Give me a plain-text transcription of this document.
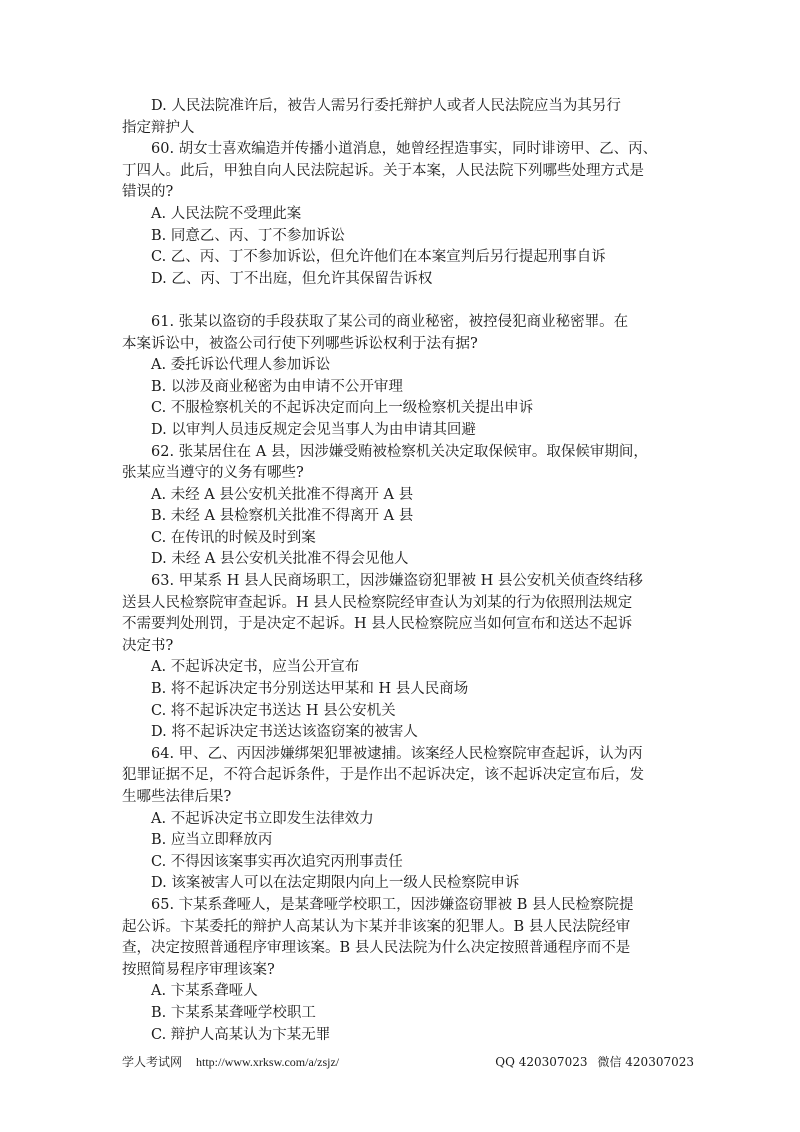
D. 人民法院准许后，被告人需另行委托辩护人或者人民法院应当为其另行
指定辩护人
60. 胡女士喜欢编造并传播小道消息，她曾经捏造事实，同时诽谤甲、乙、丙、
丁四人。此后，甲独自向人民法院起诉。关于本案，人民法院下列哪些处理方式是
错误的?
A. 人民法院不受理此案
B. 同意乙、丙、丁不参加诉讼
C. 乙、丙、丁不参加诉讼，但允许他们在本案宣判后另行提起刑事自诉
D. 乙、丙、丁不出庭，但允许其保留告诉权
61. 张某以盗窃的手段获取了某公司的商业秘密，被控侵犯商业秘密罪。在
本案诉讼中，被盗公司行使下列哪些诉讼权利于法有据?
A. 委托诉讼代理人参加诉讼
B. 以涉及商业秘密为由申请不公开审理
C. 不服检察机关的不起诉决定而向上一级检察机关提出申诉
D. 以审判人员违反规定会见当事人为由申请其回避
62. 张某居住在 A 县，因涉嫌受贿被检察机关决定取保候审。取保候审期间，
张某应当遵守的义务有哪些?
A. 未经 A 县公安机关批准不得离开 A 县
B. 未经 A 县检察机关批准不得离开 A 县
C. 在传讯的时候及时到案
D. 未经 A 县公安机关批准不得会见他人
63. 甲某系 H 县人民商场职工，因涉嫌盗窃犯罪被 H 县公安机关侦查终结移
送县人民检察院审查起诉。H 县人民检察院经审查认为刘某的行为依照刑法规定
不需要判处刑罚，于是决定不起诉。H 县人民检察院应当如何宣布和送达不起诉
决定书?
A. 不起诉决定书，应当公开宣布
B. 将不起诉决定书分别送达甲某和 H 县人民商场
C. 将不起诉决定书送达 H 县公安机关
D. 将不起诉决定书送达该盗窃案的被害人
64. 甲、乙、丙因涉嫌绑架犯罪被逮捕。该案经人民检察院审查起诉，认为丙
犯罪证据不足，不符合起诉条件，于是作出不起诉决定，该不起诉决定宣布后，发
生哪些法律后果?
A. 不起诉决定书立即发生法律效力
B. 应当立即释放丙
C. 不得因该案事实再次追究丙刑事责任
D. 该案被害人可以在法定期限内向上一级人民检察院申诉
65. 卞某系聋哑人，是某聋哑学校职工，因涉嫌盗窃罪被 B 县人民检察院提
起公诉。卞某委托的辩护人高某认为卞某并非该案的犯罪人。B 县人民法院经审
查，决定按照普通程序审理该案。B 县人民法院为什么决定按照普通程序而不是
按照简易程序审理该案?
A. 卞某系聋哑人
B. 卞某系某聋哑学校职工
C. 辩护人高某认为卞某无罪
学人考试网 http://www.xrksw.com/a/zsjz/	QQ 420307023 微信 420307023
